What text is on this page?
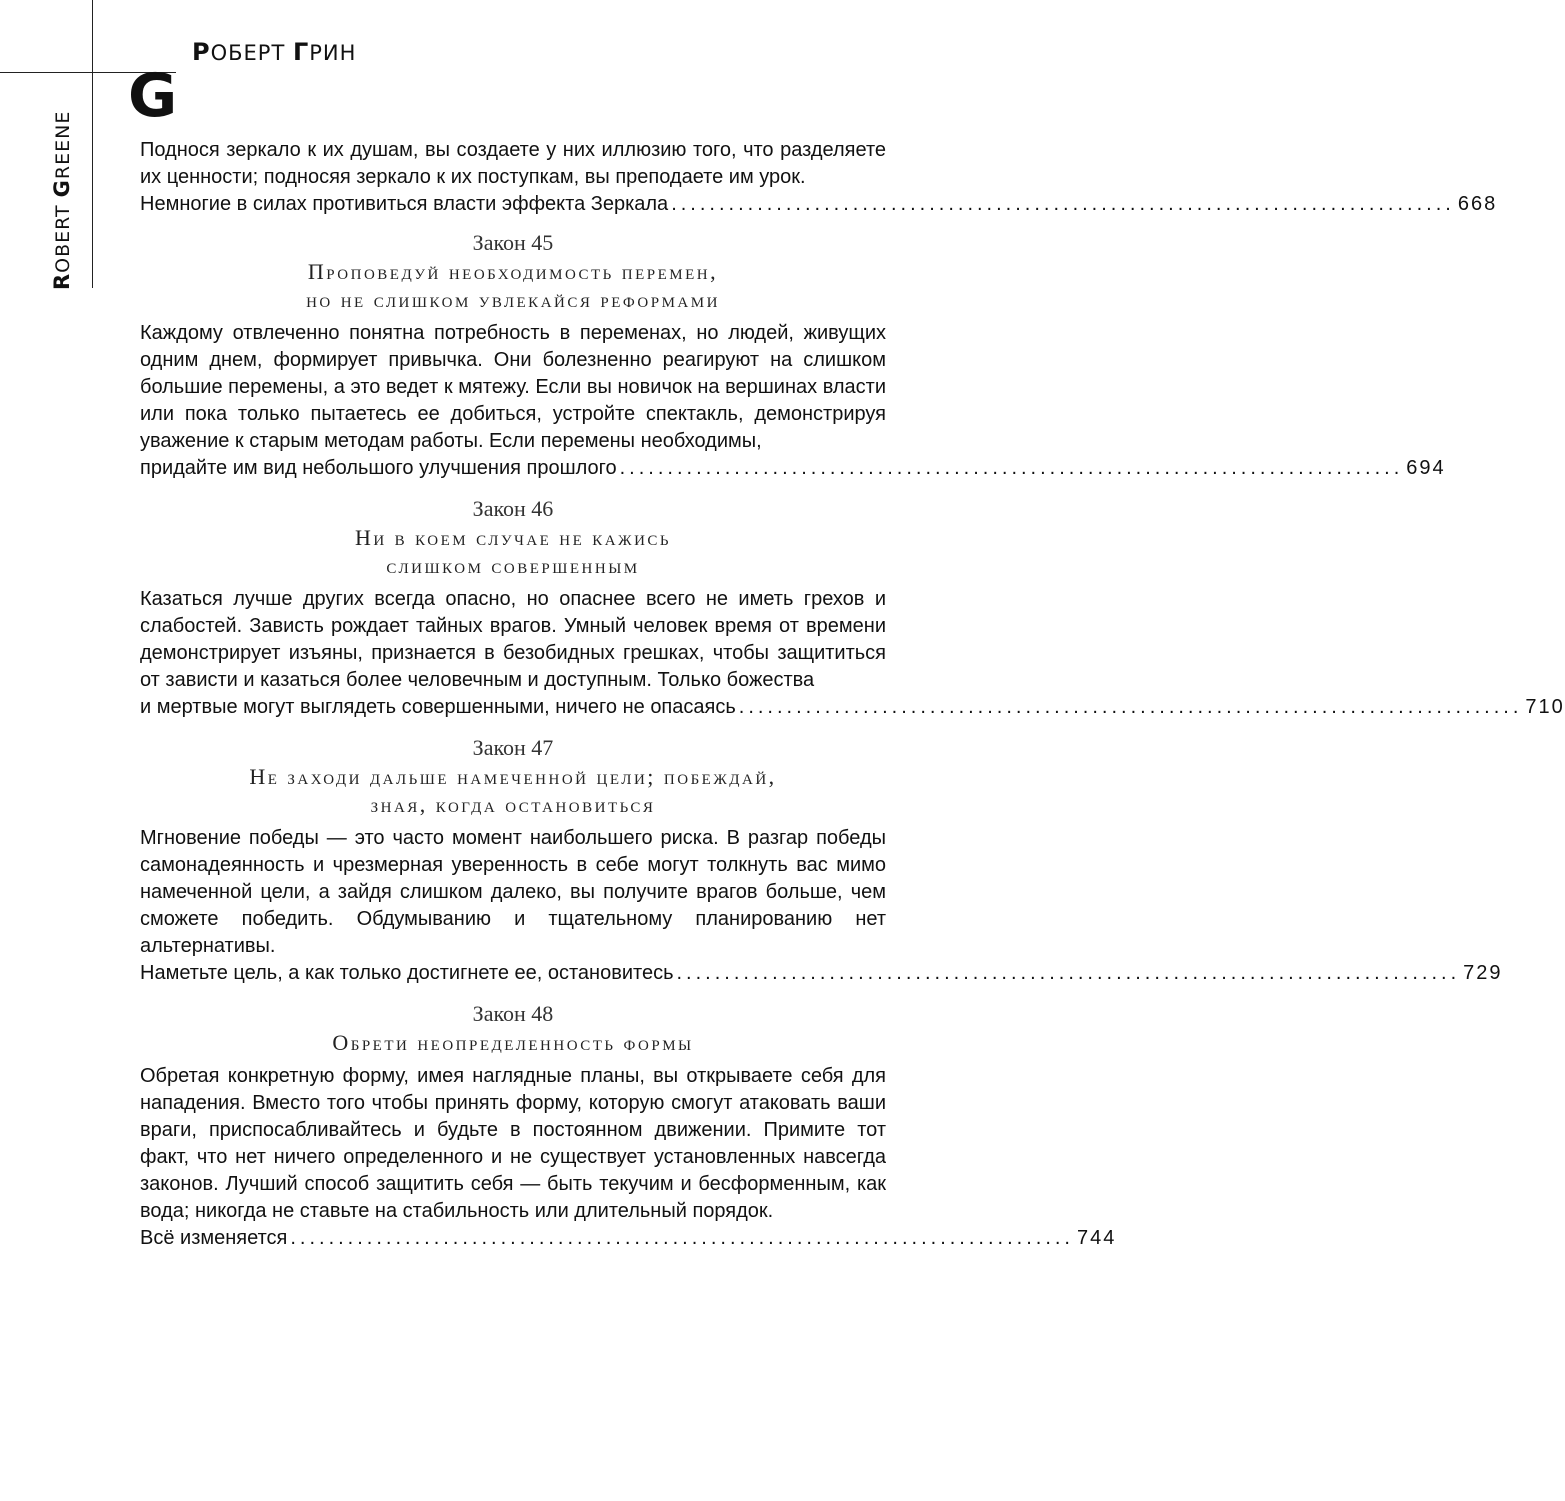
ROBERT GREENE
РОБЕРТ ГРИН
G
Поднося зеркало к их душам, вы создаете у них иллюзию того, что разделяете их ценности; подносяя зеркало к их поступкам, вы преподаете им урок.
Немногие в силах противиться власти эффекта Зеркала .................................................................................. 668

Закон 45

Проповедуй необходимость перемен,
но не слишком увлекайся реформами

Каждому отвлеченно понятна потребность в переменах, но людей, живущих одним днем, формирует привычка. Они болезненно реагируют на слишком большие перемены, а это ведет к мятежу. Если вы новичок на вершинах власти или пока только пытаетесь ее добиться, устройте спектакль, демонстрируя уважение к старым методам работы. Если перемены необходимы,
придайте им вид небольшого улучшения прошлого .................................................................................. 694

Закон 46

Ни в коем случае не кажись
слишком совершенным

Казаться лучше других всегда опасно, но опаснее всего не иметь грехов и слабостей. Зависть рождает тайных врагов. Умный человек время от времени демонстрирует изъяны, признается в безобидных грешках, чтобы защититься от зависти и казаться более человечным и доступным. Только божества
и мертвые могут выглядеть совершенными, ничего не опасаясь .................................................................................. 710

Закон 47

Не заходи дальше намеченной цели; побеждай,
зная, когда остановиться

Мгновение победы — это часто момент наибольшего риска. В разгар победы самонадеянность и чрезмерная уверенность в себе могут толкнуть вас мимо намеченной цели, а зайдя слишком далеко, вы получите врагов больше, чем сможете победить. Обдумыванию и тщательному планированию нет альтернативы.
Наметьте цель, а как только достигнете ее, остановитесь .................................................................................. 729

Закон 48

Обрети неопределенность формы

Обретая конкретную форму, имея наглядные планы, вы открываете себя для нападения. Вместо того чтобы принять форму, которую смогут атаковать ваши враги, приспосабливайтесь и будьте в постоянном движении. Примите тот факт, что нет ничего определенного и не существует установленных навсегда законов. Лучший способ защитить себя — быть текучим и бесформенным, как вода; никогда не ставьте на стабильность или длительный порядок.
Всё изменяется .................................................................................. 744
